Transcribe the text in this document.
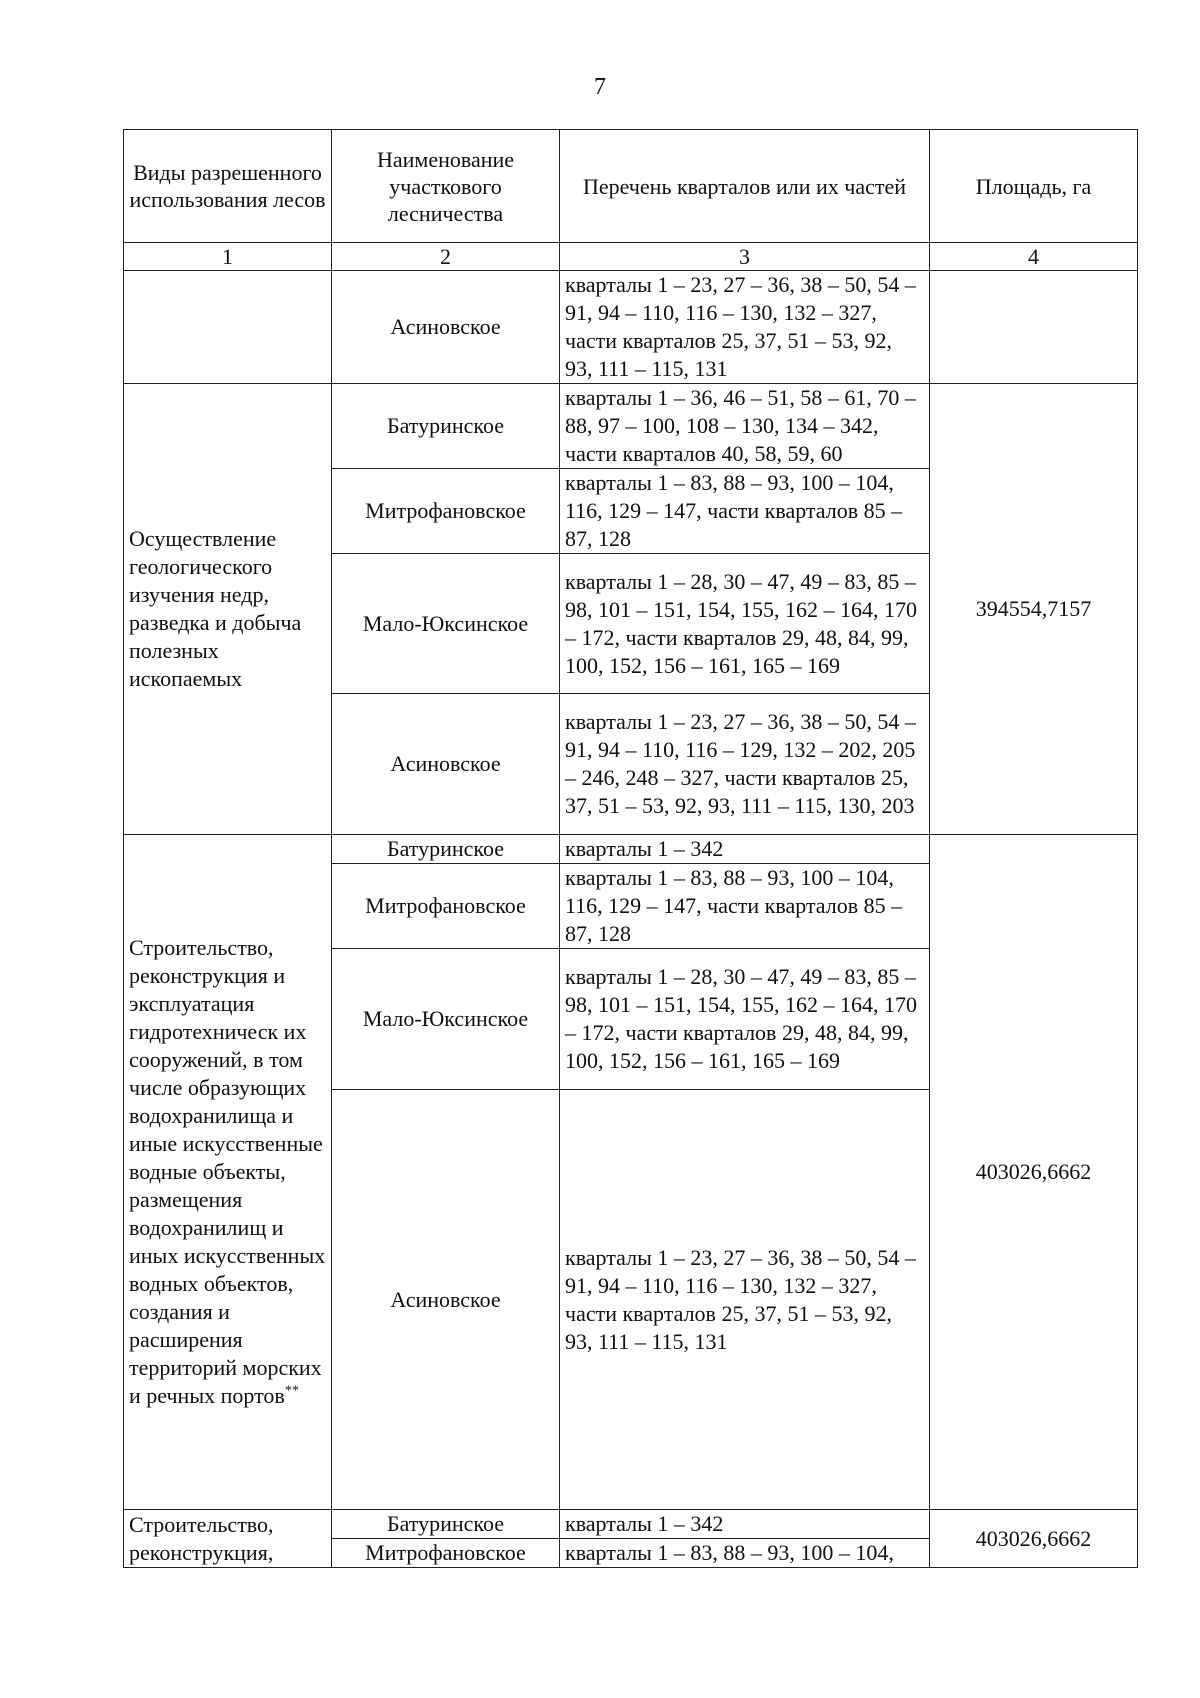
7
Виды разрешенного использования лесов	Наименование участкового лесничества	Перечень кварталов или их частей	Площадь, га
1	2	3	4
	Асиновское	кварталы 1 – 23, 27 – 36, 38 – 50, 54 – 91, 94 – 110, 116 – 130, 132 – 327, части кварталов 25, 37, 51 – 53, 92, 93, 111 – 115, 131	
Осуществление геологического изучения недр, разведка и добыча полезных ископаемых	Батуринское	кварталы 1 – 36, 46 – 51, 58 – 61, 70 – 88, 97 – 100, 108 – 130, 134 – 342, части кварталов 40, 58, 59, 60	394554,7157
	Митрофановское	кварталы 1 – 83, 88 – 93, 100 – 104, 116, 129 – 147, части кварталов 85 – 87, 128	
	Мало-Юксинское	кварталы 1 – 28, 30 – 47, 49 – 83, 85 – 98, 101 – 151, 154, 155, 162 – 164, 170 – 172, части кварталов 29, 48, 84, 99, 100, 152, 156 – 161, 165 – 169	
	Асиновское	кварталы 1 – 23, 27 – 36, 38 – 50, 54 – 91, 94 – 110, 116 – 129, 132 – 202, 205 – 246, 248 – 327, части кварталов 25, 37, 51 – 53, 92, 93, 111 – 115, 130, 203	
Строительство, реконструкция и эксплуатация гидротехническ их сооружений, в том числе образующих водохранилища и иные искусственные водные объекты, размещения водохранилищ и иных искусственных водных объектов, создания и расширения территорий морских и речных портов**	Батуринское	кварталы 1 – 342	403026,6662
	Митрофановское	кварталы 1 – 83, 88 – 93, 100 – 104, 116, 129 – 147, части кварталов 85 – 87, 128	
	Мало-Юксинское	кварталы 1 – 28, 30 – 47, 49 – 83, 85 – 98, 101 – 151, 154, 155, 162 – 164, 170 – 172, части кварталов 29, 48, 84, 99, 100, 152, 156 – 161, 165 – 169	
	Асиновское	кварталы 1 – 23, 27 – 36, 38 – 50, 54 – 91, 94 – 110, 116 – 130, 132 – 327, части кварталов 25, 37, 51 – 53, 92, 93, 111 – 115, 131	
Строительство, реконструкция,	Батуринское	кварталы 1 – 342	403026,6662
	Митрофановское	кварталы 1 – 83, 88 – 93, 100 – 104,	
